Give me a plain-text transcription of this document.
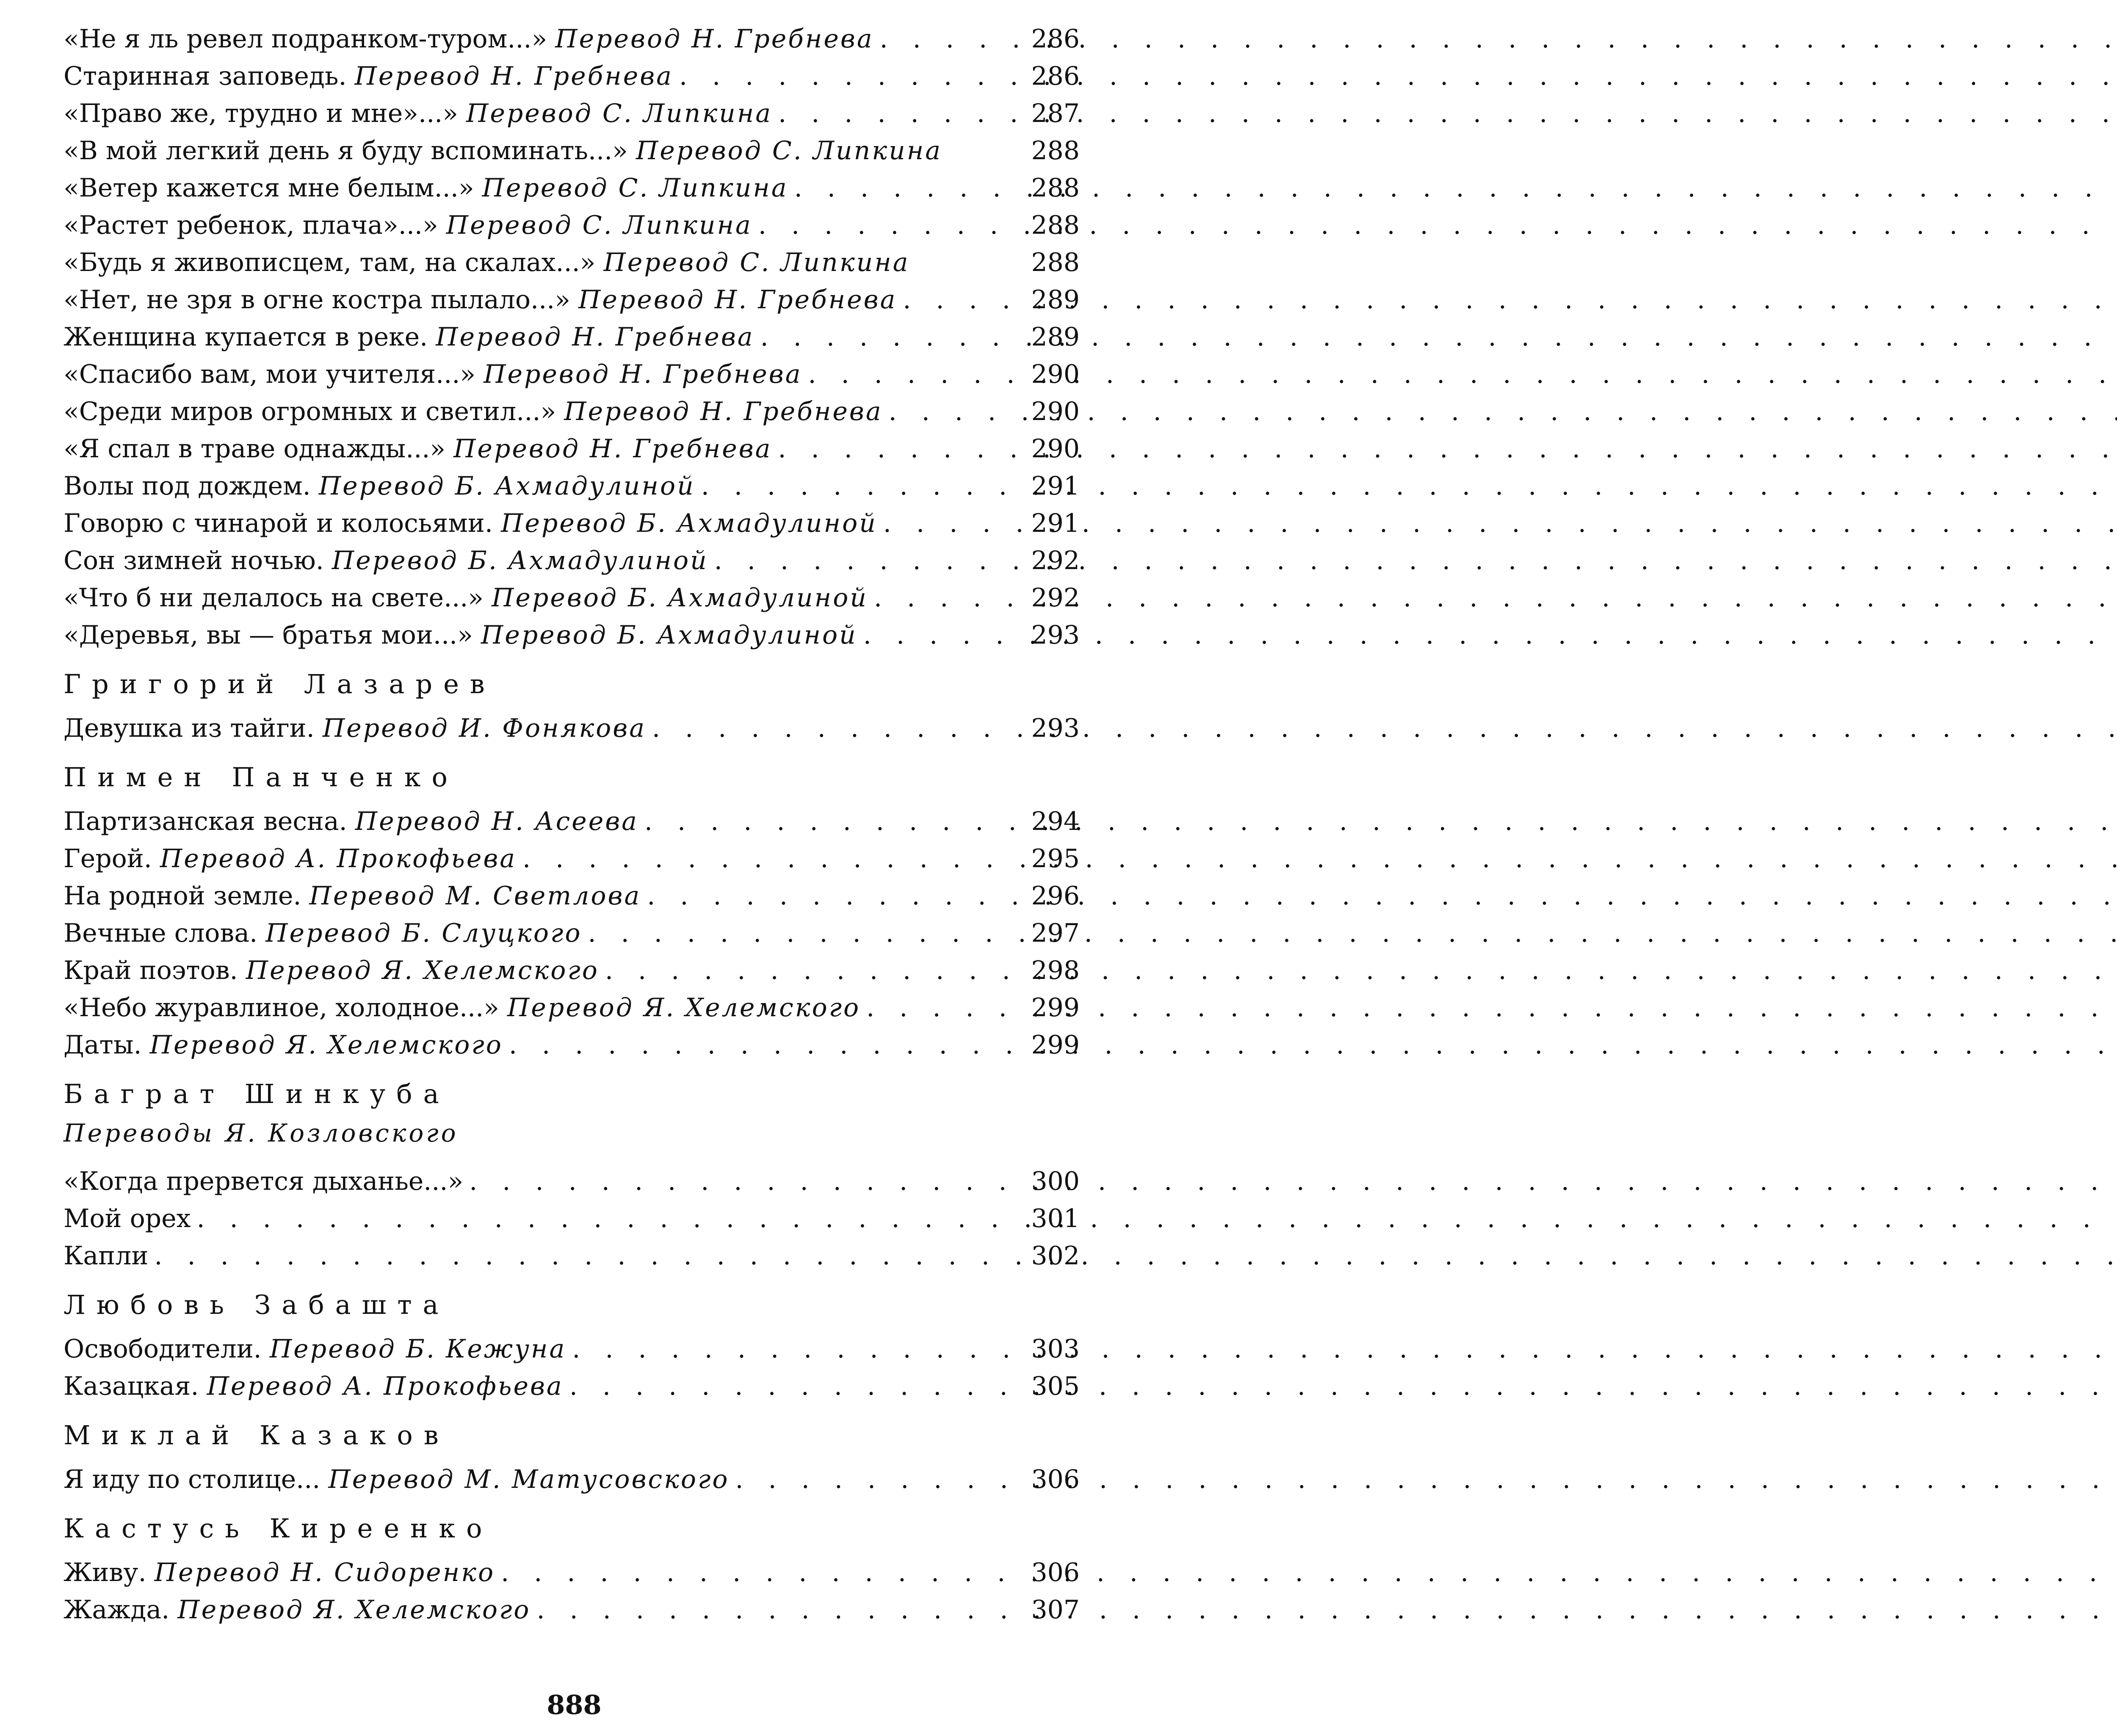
«Не я ль ревел подранком-туром...» Перевод Н. Гребнева . . .	286
Старинная заповедь. Перевод Н. Гребнева . . .	286
«Право же, трудно и мне»...» Перевод С. Липкина . . .	287
«В мой легкий день я буду вспоминать...» Перевод С. Липкина	288
«Ветер кажется мне белым...» Перевод С. Липкина . . .	288
«Растет ребенок, плача»...» Перевод С. Липкина . . .	288
«Будь я живописцем, там, на скалах...» Перевод С. Липкина	288
«Нет, не зря в огне костра пылало...» Перевод Н. Гребнева . . .	289
Женщина купается в реке. Перевод Н. Гребнева . . .	289
«Спасибо вам, мои учителя...» Перевод Н. Гребнева . . .	290
«Среди миров огромных и светил...» Перевод Н. Гребнева . . .	290
«Я спал в траве однажды...» Перевод Н. Гребнева . . .	290
Волы под дождем. Перевод Б. Ахмадулиной . . .	291
Говорю с чинарой и колосьями. Перевод Б. Ахмадулиной . . .	291
Сон зимней ночью. Перевод Б. Ахмадулиной . . .	292
«Что б ни делалось на свете...» Перевод Б. Ахмадулиной . . .	292
«Деревья, вы — братья мои...» Перевод Б. Ахмадулиной . . .	293
Григорий Лазарев
Девушка из тайги. Перевод И. Фонякова . . .	293
Пимен Панченко
Партизанская весна. Перевод Н. Асеева . . .	294
Герой. Перевод А. Прокофьева . . .	295
На родной земле. Перевод М. Светлова . . .	296
Вечные слова. Перевод Б. Слуцкого . . .	297
Край поэтов. Перевод Я. Хелемского . . .	298
«Небо журавлиное, холодное...» Перевод Я. Хелемского . . .	299
Даты. Перевод Я. Хелемского . . .	299
Баграт Шинкуба
Переводы Я. Козловского
«Когда прервется дыханье...» . . .	300
Мой орех . . .	301
Капли . . .	302
Любовь Забашта
Освободители. Перевод Б. Кежуна . . .	303
Казацкая. Перевод А. Прокофьева . . .	305
Миклай Казаков
Я иду по столице... Перевод М. Матусовского . . .	306
Кастусь Киреенко
Живу. Перевод Н. Сидоренко . . .	306
Жажда. Перевод Я. Хелемского . . .	307
888
